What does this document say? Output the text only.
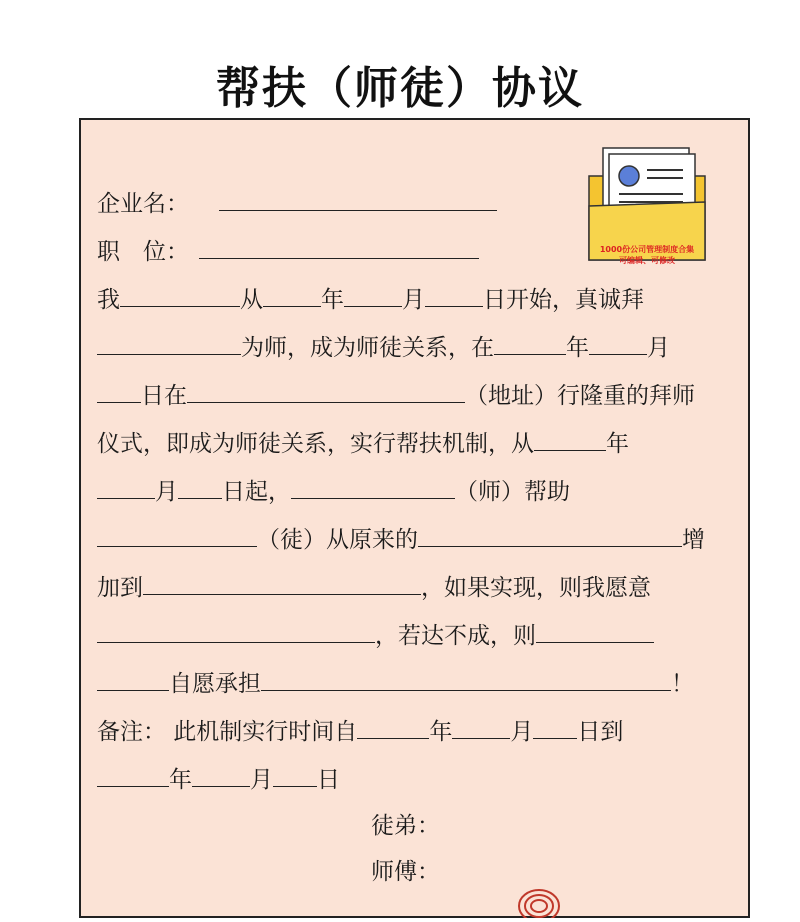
帮扶（师徒）协议
1000份公司管理制度合集
可编辑、可修改
企业名：
职　位：
我	从	年	月	日开始，真诚拜
为师，成为师徒关系，在	年	月
日在	（地址）行隆重的拜师
仪式，即成为师徒关系，实行帮扶机制，从	年
月 日起，	（师）帮助
（徒）从原来的	增
加到	，如果实现，则我愿意
，若达不成，则
自愿承担	！
备注： 此机制实行时间自	年	月 日到
年	月 日
徒弟：
师傅：
